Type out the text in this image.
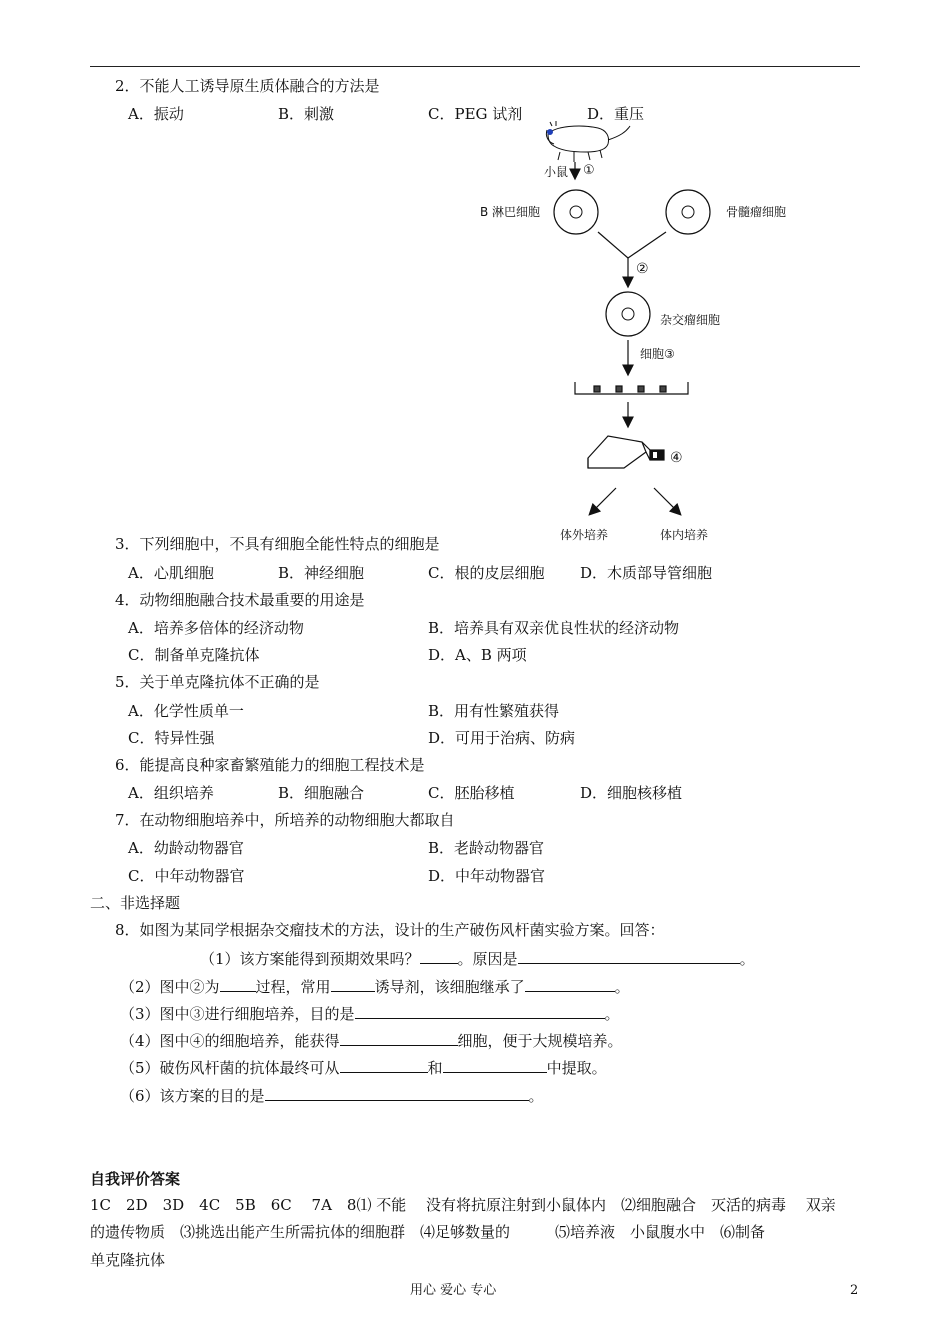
2．不能人工诱导原生质体融合的方法是
A．振动	B．刺激	C．PEG 试剂	D．重压
小鼠 ①
B 淋巴细胞	骨髓瘤细胞
②
杂交瘤细胞
细胞③
④
体外培养	体内培养
3．下列细胞中，不具有细胞全能性特点的细胞是
A．心肌细胞	B．神经细胞	C．根的皮层细胞 D．木质部导管细胞
4．动物细胞融合技术最重要的用途是
A．培养多倍体的经济动物	B．培养具有双亲优良性状的经济动物
C．制备单克隆抗体	D．A、B 两项
5．关于单克隆抗体不正确的是
A．化学性质单一	B．用有性繁殖获得
C．特异性强	D．可用于治病、防病
6．能提高良种家畜繁殖能力的细胞工程技术是
A．组织培养	B．细胞融合	C．胚胎移植	D．细胞核移植
7．在动物细胞培养中，所培养的动物细胞大都取自
A．幼龄动物器官	B．老龄动物器官
C．中年动物器官	D．中年动物器官
二、非选择题
8．如图为某同学根据杂交瘤技术的方法，设计的生产破伤风杆菌实验方案。回答：
（1）该方案能得到预期效果吗？	。原因是	。
（2）图中②为 过程，常用	诱导剂，该细胞继承了	。
（3）图中③进行细胞培养，目的是	。
（4）图中④的细胞培养，能获得	细胞，便于大规模培养。
（5）破伤风杆菌的抗体最终可从	和	中提取。
（6）该方案的目的是	。
自我评价答案
1C　2D　3D　4C　5B　6C　 7A　8⑴ 不能　 没有将抗原注射到小鼠体内　⑵细胞融合　灭活的病毒　 双亲
的遗传物质　⑶挑选出能产生所需抗体的细胞群　⑷足够数量的　　　⑸培养液　小鼠腹水中　⑹制备
单克隆抗体
用心 爱心 专心	2
